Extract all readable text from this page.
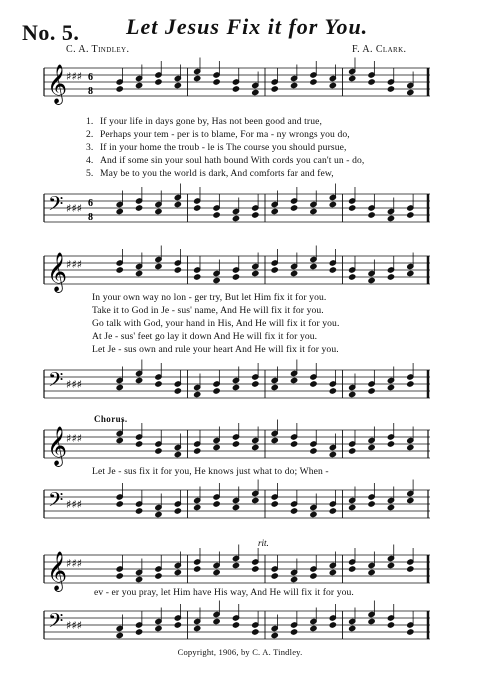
No. 5. Let Jesus Fix it for You.
C. A. Tindley.	F. A. Clark.
𝄞
♯♯♯ 6
8
1. If your life in days gone by, Has not been good and true,
2. Perhaps your tem - per is to blame, For ma - ny wrongs you do,
3. If in your home the troub - le is The course you should pursue,
4. And if some sin your soul hath bound With cords you can't un - do,
5. May be to you the world is dark, And comforts far and few,
𝄢 ♯♯♯ 6
8
𝄞
♯♯♯
In your own way no lon - ger try, But let Him fix it for you.
Take it to God in Je - sus' name, And He will fix it for you.
Go talk with God, your hand in His, And He will fix it for you.
At Je - sus' feet go lay it down And He will fix it for you.
Let Je - sus own and rule your heart And He will fix it for you.
𝄢 ♯♯♯
Chorus.
𝄞
♯♯♯
Let Je - sus fix it for you, He knows just what to do; When -
𝄢 ♯♯♯
𝄞
♯♯♯
rit.
ev - er you pray, let Him have His way, And He will fix it for you.
𝄢 ♯♯♯
Copyright, 1906, by C. A. Tindley.
